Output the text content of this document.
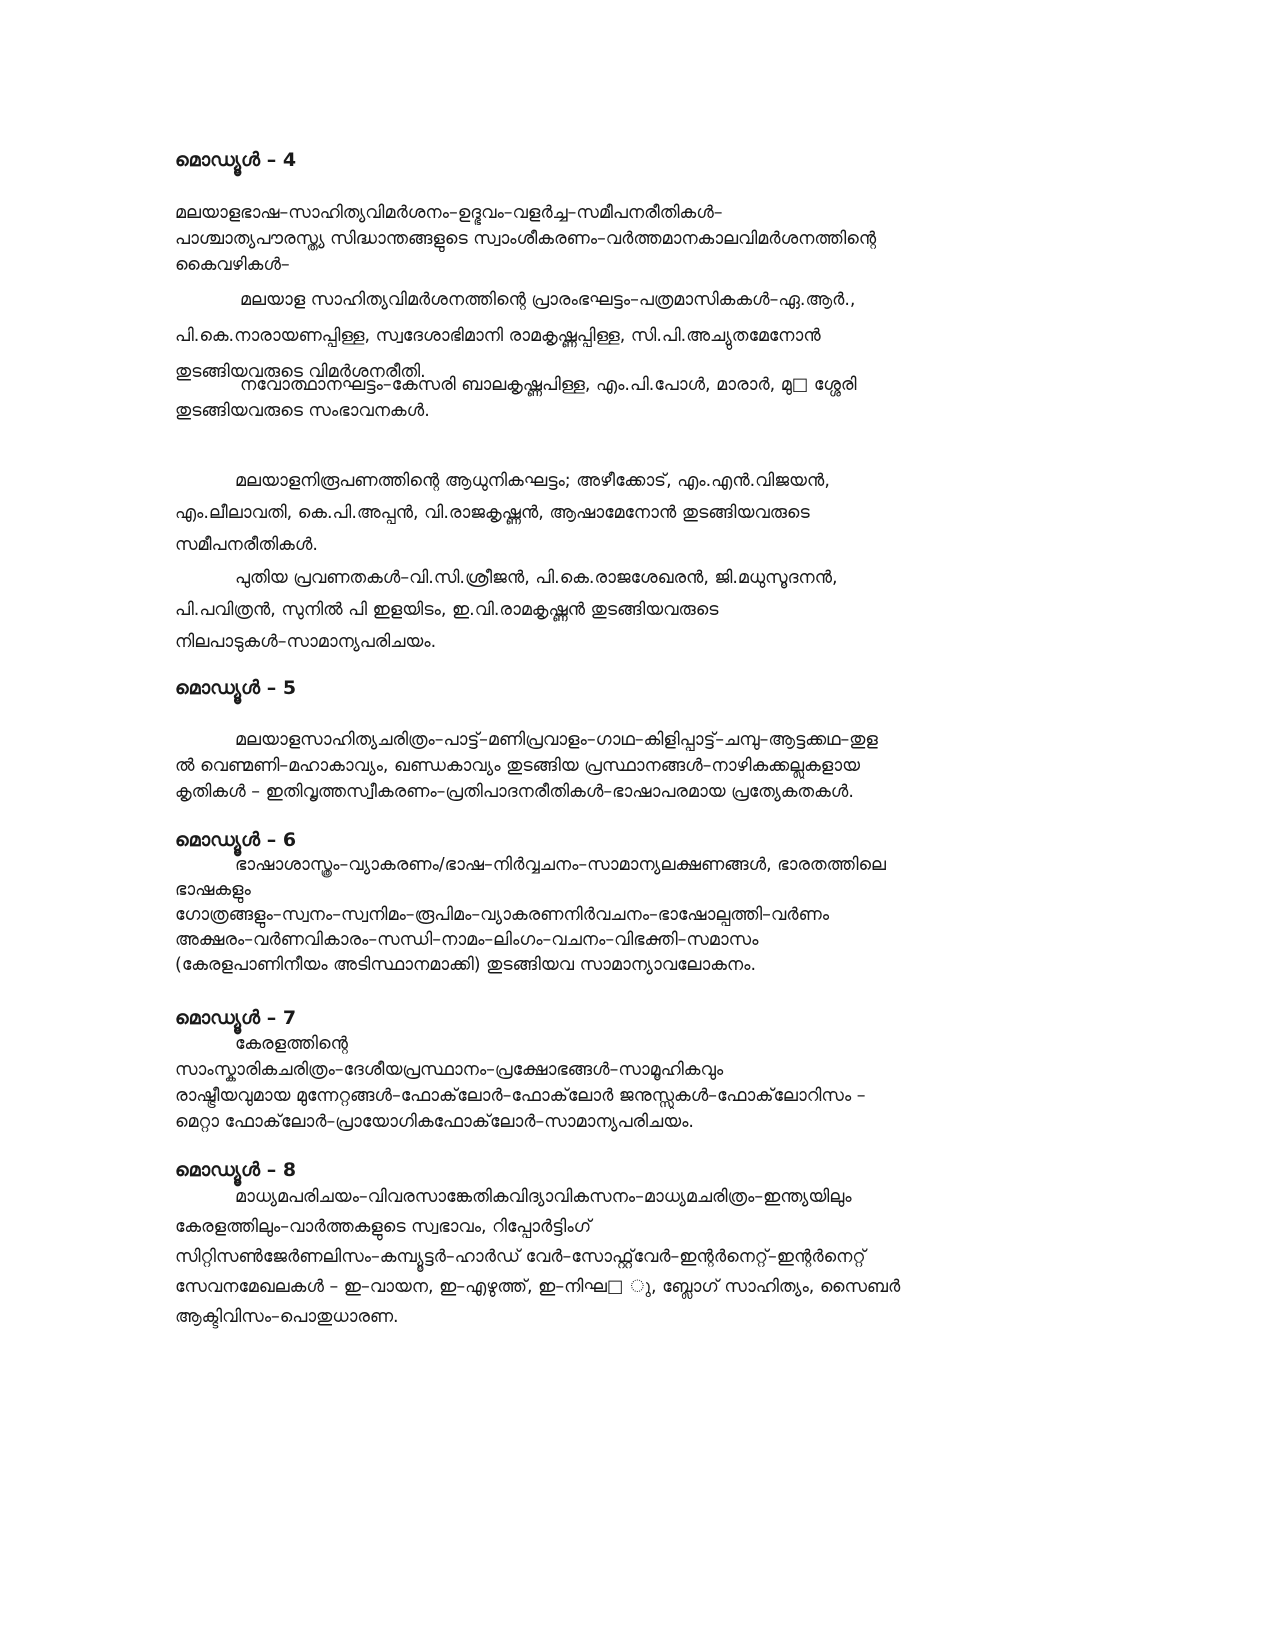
മൊഡ്യൂൾ – 4
മലയാളഭാഷ–സാഹിത്യവിമർശനം–ഉദ്ഭവം–വളർച്ച–സമീപനരീതികൾ–
പാശ്ചാത്യപൗരസ്ത്യ സിദ്ധാന്തങ്ങളുടെ സ്വാംശീകരണം–വർത്തമാനകാലവിമർശനത്തിന്റെ
കൈവഴികൾ–
മലയാള സാഹിത്യവിമർശനത്തിന്റെ പ്രാരംഭഘട്ടം–പത്രമാസികകൾ–ഏ.ആർ.,
പി.കെ.നാരായണപ്പിള്ള, സ്വദേശാഭിമാനി രാമകൃഷ്ണപ്പിള്ള, സി.പി.അച്യുതമേനോൻ
തുടങ്ങിയവരുടെ വിമർശനരീതി.
നവോത്ഥാനഘട്ടം–കേസരി ബാലകൃഷ്ണപിള്ള, എം.പി.പോൾ, മാരാർ, മു□ ശ്ശേരി
തുടങ്ങിയവരുടെ സംഭാവനകൾ.
മലയാളനിരൂപണത്തിന്റെ ആധുനികഘട്ടം; അഴീക്കോട്, എം.എൻ.വിജയൻ,
എം.ലീലാവതി, കെ.പി.അപ്പൻ, വി.രാജകൃഷ്ണൻ, ആഷാമേനോൻ തുടങ്ങിയവരുടെ
സമീപനരീതികൾ.
പുതിയ പ്രവണതകൾ–വി.സി.ശ്രീജൻ, പി.കെ.രാജശേഖരൻ, ജി.മധുസൂദനൻ,
പി.പവിത്രൻ, സുനിൽ പി ഇളയിടം, ഇ.വി.രാമകൃഷ്ണൻ തുടങ്ങിയവരുടെ
നിലപാടുകൾ–സാമാന്യപരിചയം.
മൊഡ്യൂൾ – 5
മലയാളസാഹിത്യചരിത്രം–പാട്ട്–മണിപ്രവാളം–ഗാഥ–കിളിപ്പാട്ട്–ചമ്പു–ആട്ടക്കഥ–തുള
ൽ വെണ്മണി–മഹാകാവ്യം, ഖണ്ഡകാവ്യം തുടങ്ങിയ പ്രസ്ഥാനങ്ങൾ–നാഴികക്കല്ലുകളായ
കൃതികൾ – ഇതിവൃത്തസ്വീകരണം–പ്രതിപാദനരീതികൾ–ഭാഷാപരമായ പ്രത്യേകതകൾ.
മൊഡ്യൂൾ – 6
ഭാഷാശാസ്ത്രം–വ്യാകരണം/ഭാഷ–നിർവ്വചനം–സാമാന്യലക്ഷണങ്ങൾ, ഭാരതത്തിലെ
ഭാഷകളും
ഗോത്രങ്ങളും–സ്വനം–സ്വനിമം–രൂപിമം–വ്യാകരണനിർവചനം–ഭാഷോല്പത്തി–വർണം
അക്ഷരം–വർണവികാരം–സന്ധി–നാമം–ലിംഗം–വചനം–വിഭക്തി–സമാസം
(കേരളപാണിനീയം അടിസ്ഥാനമാക്കി) തുടങ്ങിയവ സാമാന്യാവലോകനം.
മൊഡ്യൂൾ – 7
കേരളത്തിന്റെ
സാംസ്കാരികചരിത്രം–ദേശീയപ്രസ്ഥാനം–പ്രക്ഷോഭങ്ങൾ–സാമൂഹികവും
രാഷ്ട്രീയവുമായ മുന്നേറ്റങ്ങൾ–ഫോക്‌ലോർ–ഫോക്‌ലോർ ജനുസ്സുകൾ–ഫോക്‌ലോറിസം –
മെറ്റാ ഫോക്‌ലോർ–പ്രായോഗികഫോക്‌ലോർ–സാമാന്യപരിചയം.
മൊഡ്യൂൾ – 8
മാധ്യമപരിചയം–വിവരസാങ്കേതികവിദ്യാവികസനം–മാധ്യമചരിത്രം–ഇന്ത്യയിലും
കേരളത്തിലും–വാർത്തകളുടെ സ്വഭാവം, റിപ്പോർട്ടിംഗ്
സിറ്റിസൺജേർണലിസം–കമ്പ്യൂട്ടർ–ഹാർഡ് വേർ–സോഫ്റ്റ്‌വേർ–ഇന്റർനെറ്റ്–ഇന്റർനെറ്റ്
സേവനമേഖലകൾ – ഇ–വായന, ഇ–എഴുത്ത്, ഇ–നിഘ□ ു, ബ്ലോഗ് സാഹിത്യം, സൈബർ
ആക്ടിവിസം–പൊതുധാരണ.
